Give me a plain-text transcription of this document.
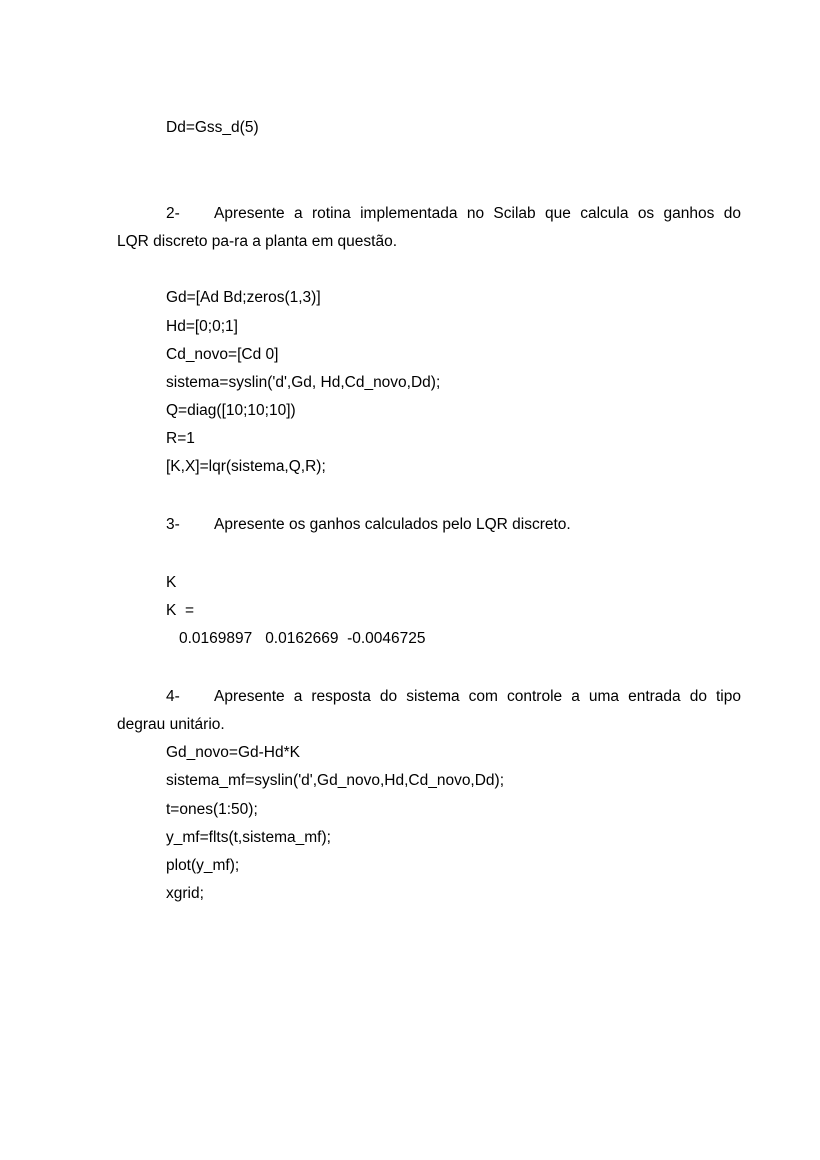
Dd=Gss_d(5)
2- Apresente a rotina implementada no Scilab que calcula os ganhos do
LQR discreto pa-ra a planta em questão.
Gd=[Ad Bd;zeros(1,3)]
Hd=[0;0;1]
Cd_novo=[Cd 0]
sistema=syslin('d',Gd, Hd,Cd_novo,Dd);
Q=diag([10;10;10])
R=1
[K,X]=lqr(sistema,Q,R);
3- Apresente os ganhos calculados pelo LQR discreto.
K
K  =
0.0169897   0.0162669  -0.0046725
4- Apresente a resposta do sistema com controle a uma entrada do tipo
degrau unitário.
Gd_novo=Gd-Hd*K
sistema_mf=syslin('d',Gd_novo,Hd,Cd_novo,Dd);
t=ones(1:50);
y_mf=flts(t,sistema_mf);
plot(y_mf);
xgrid;
